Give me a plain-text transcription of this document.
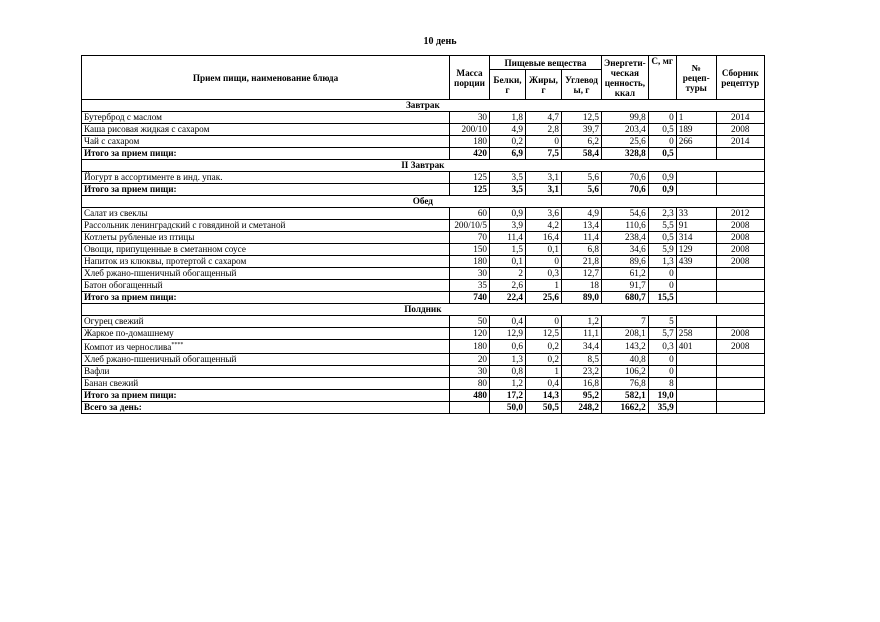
10 день
Прием пищи, наименование блюда	Масса порции	Пищевые вещества			Энергети-ческая ценность, ккал	С, мг	№ рецеп-туры	Сборник рецептур
		Белки, г	Жиры, г	Углевод ы, г				
Завтрак								
Бутерброд с маслом	30	1,8	4,7	12,5	99,8	0	1	2014
Каша рисовая жидкая с сахаром	200/10	4,9	2,8	39,7	203,4	0,5	189	2008
Чай с сахаром	180	0,2	0	6,2	25,6	0	266	2014
Итого за прием пищи:	420	6,9	7,5	58,4	328,8	0,5		
II Завтрак								
Йогурт в ассортименте в инд. упак.	125	3,5	3,1	5,6	70,6	0,9		
Итого за прием пищи:	125	3,5	3,1	5,6	70,6	0,9		
Обед								
Салат из свеклы	60	0,9	3,6	4,9	54,6	2,3	33	2012
Рассольник ленинградский с говядиной и сметаной	200/10/5	3,9	4,2	13,4	110,6	5,5	91	2008
Котлеты рубленые из птицы	70	11,4	16,4	11,4	238,4	0,5	314	2008
Овощи, припущенные в сметанном соусе	150	1,5	0,1	6,8	34,6	5,9	129	2008
Напиток из клюквы, протертой с сахаром	180	0,1	0	21,8	89,6	1,3	439	2008
Хлеб ржано-пшеничный обогащенный	30	2	0,3	12,7	61,2	0		
Батон обогащенный	35	2,6	1	18	91,7	0		
Итого за прием пищи:	740	22,4	25,6	89,0	680,7	15,5		
Полдник								
Огурец свежий	50	0,4	0	1,2	7	5		
Жаркое по-домашнему	120	12,9	12,5	11,1	208,1	5,7	258	2008
Компот из чернослива****	180	0,6	0,2	34,4	143,2	0,3	401	2008
Хлеб ржано-пшеничный обогащенный	20	1,3	0,2	8,5	40,8	0		
Вафли	30	0,8	1	23,2	106,2	0		
Банан свежий	80	1,2	0,4	16,8	76,8	8		
Итого за прием пищи:	480	17,2	14,3	95,2	582,1	19,0		
Всего за день:		50,0	50,5	248,2	1662,2	35,9		
